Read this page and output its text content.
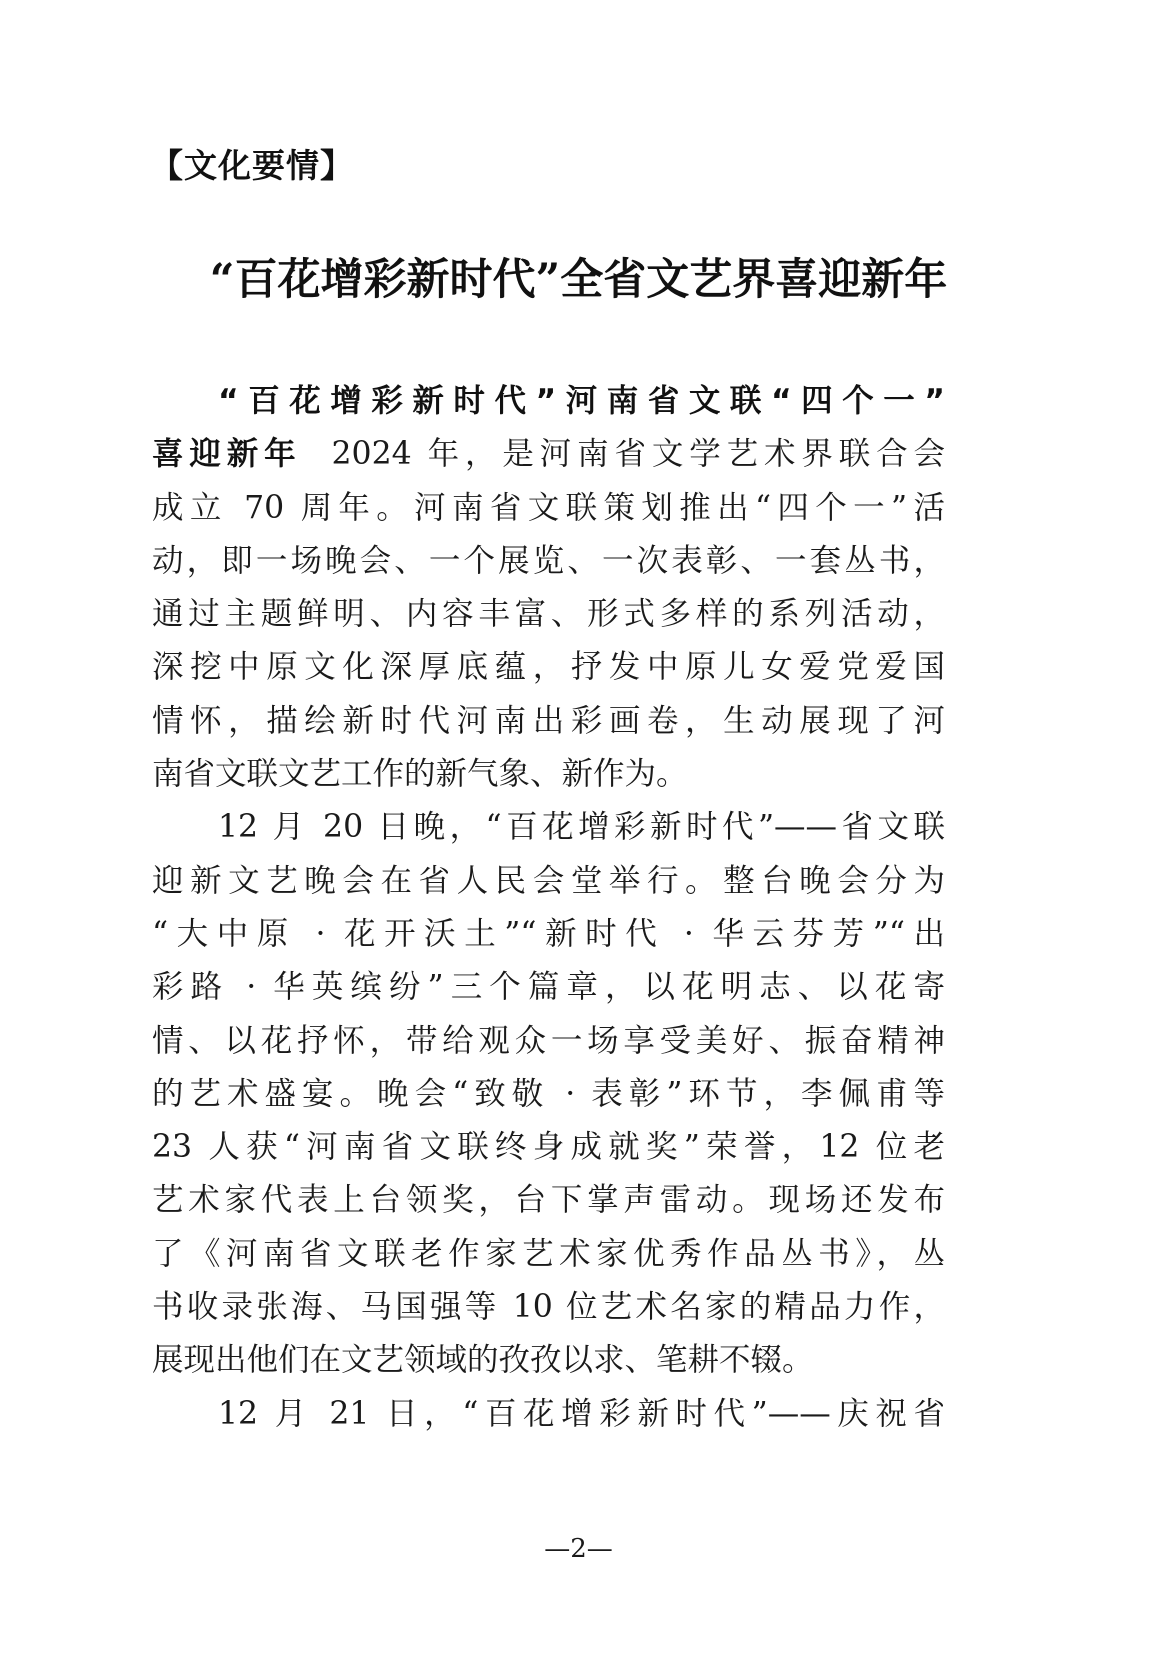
【文化要情】
“百花增彩新时代”全省文艺界喜迎新年
“百花增彩新时代”河南省文联“四个一”
喜迎新年 2024 年，是河南省文学艺术界联合会
成立 70 周年。河南省文联策划推出“四个一”活
动，即一场晚会、一个展览、一次表彰、一套丛书，
通过主题鲜明、内容丰富、形式多样的系列活动，
深挖中原文化深厚底蕴，抒发中原儿女爱党爱国
情怀，描绘新时代河南出彩画卷，生动展现了河
南省文联文艺工作的新气象、新作为。
12 月 20 日晚，“百花增彩新时代”——省文联
迎新文艺晚会在省人民会堂举行。整台晚会分为
“大中原 · 花开沃土”“新时代 · 华云芬芳”“出
彩路 · 华英缤纷”三个篇章，以花明志、以花寄
情、以花抒怀，带给观众一场享受美好、振奋精神
的艺术盛宴。晚会“致敬 · 表彰”环节，李佩甫等
23 人获“河南省文联终身成就奖”荣誉，12 位老
艺术家代表上台领奖，台下掌声雷动。现场还发布
了《河南省文联老作家艺术家优秀作品丛书》，丛
书收录张海、马国强等 10 位艺术名家的精品力作，
展现出他们在文艺领域的孜孜以求、笔耕不辍。
12 月 21 日，“百花增彩新时代”——庆祝省
—2—
